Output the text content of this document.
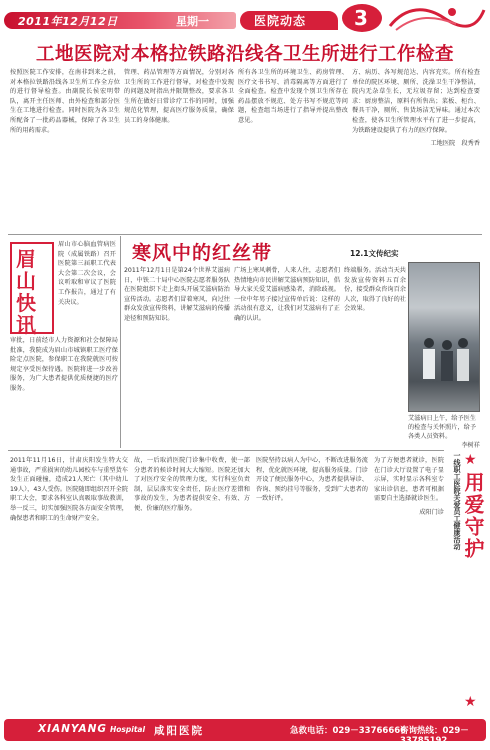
2011年12月12日	星期一	医院动态 3
工地医院对本格拉铁路沿线各卫生所进行工作检查
按照医院工作安排，在南非到来之前，对本格拉铁路沿线各卫生所工作全方位的进行督导检查。由副院长侯宏明带队，离开主任医师、由外检查和部分医生在工地进行检查。同时医院为各卫生所配备了一批药品器械，保障了各卫生所的用药需求。
管理、药品管理等方面情况，分别对各卫生所的工作进行督导，对检查中发现的问题及时指出并限期整改，要求各卫生所在做好日常诊疗工作的同时，加强规范化管理，提高医疗服务质量，确保员工的身体健康。
所有各卫生所的环境卫生、药房管理、医疗文书书写、消毒隔离等方面进行了全面检查。检查中发现个别卫生所存在药品摆放不规范、处方书写不规范等问题，检查组当场进行了指导并提出整改意见。
方、病历、各写规范达、内容充实。所有检查单位的院区环境、厕所、洗澡卫生干净整洁，院内无杂草生长，无垃圾存留；达到检查要求：厨房整洁，原料有所售出；菜板、柜台、餐具干净，厕所、售货场洁无异味。通过本次检查，使各卫生所管理水平有了进一步提高，为铁路建设提供了有力的医疗保障。
工地医院　段秀香
眉山
快讯
眉山市心脑血管病医院（成属铁路）召开医院第三届职工代表大会第二次会议，会议听取和审议了医院工作报告，通过了有关决议。
审批，日前经市人力资源和社会保障局批准，我院成为眉山市城镇职工医疗保险定点医院，参保职工在我院就医可按规定享受医保待遇。医院将进一步改善服务，为广大患者提供优质便捷的医疗服务。
寒风中的红丝带	12.1文传纪实
2011年12月1日是第24个世界艾滋病日，中铁二十局中心医院志愿者服务队在医院组织下走上街头开展艾滋病防治宣传活动。志愿者们冒着寒风，向过往群众发放宣传资料，讲解艾滋病的传播途径和预防知识。
广场上寒风刺骨，人来人往，志愿者们热情地向市民讲解艾滋病预防知识，倡导大家关爱艾滋病感染者，消除歧视。一位中年男子接过宣传单后说：这样的活动很有意义，让我们对艾滋病有了正确的认识。
终端服务。活动当天共发放宣传资料五百余份，接受群众咨询百余人次，取得了良好的社会效果。
艾滋病日上午，给予医生的检查与关怀照片，给予各类人员资料。
李树祥
2011年11月16日，甘肃庆阳发生特大交通事故，严重损害的幼儿园校车与重型货车发生正面碰撞，造成21人死亡（其中幼儿19人），43人受伤。医院随即组织召开全院职工大会，要求各科室认真吸取事故教训，举一反三，切实加强医院各方面安全管理，确保患者和职工的生命财产安全。
故，一后取消医院门诊集中收费，使一部分患者的候诊时间大大缩短。医院还加大了对医疗安全的管理力度，实行科室负责制，层层落实安全责任，防止医疗差错和事故的发生，为患者提供安全、有效、方便、价廉的医疗服务。
医院坚持以病人为中心，不断改进服务流程，优化就医环境，提高服务质量。门诊开设了便民服务中心，为患者提供导诊、咨询、预约挂号等服务，受到广大患者的一致好评。
为了方便患者就诊，医院在门诊大厅设置了电子显示屏，实时显示各科室专家出诊信息，患者可根据需要自主选择就诊医生。
成阳门诊	一线职工医院关爱员工健康活动 ★
用爱守护
★
XIANYANG Hospital 咸阳医院	急救电话：029－33766666
咨询热线：029－33785192
